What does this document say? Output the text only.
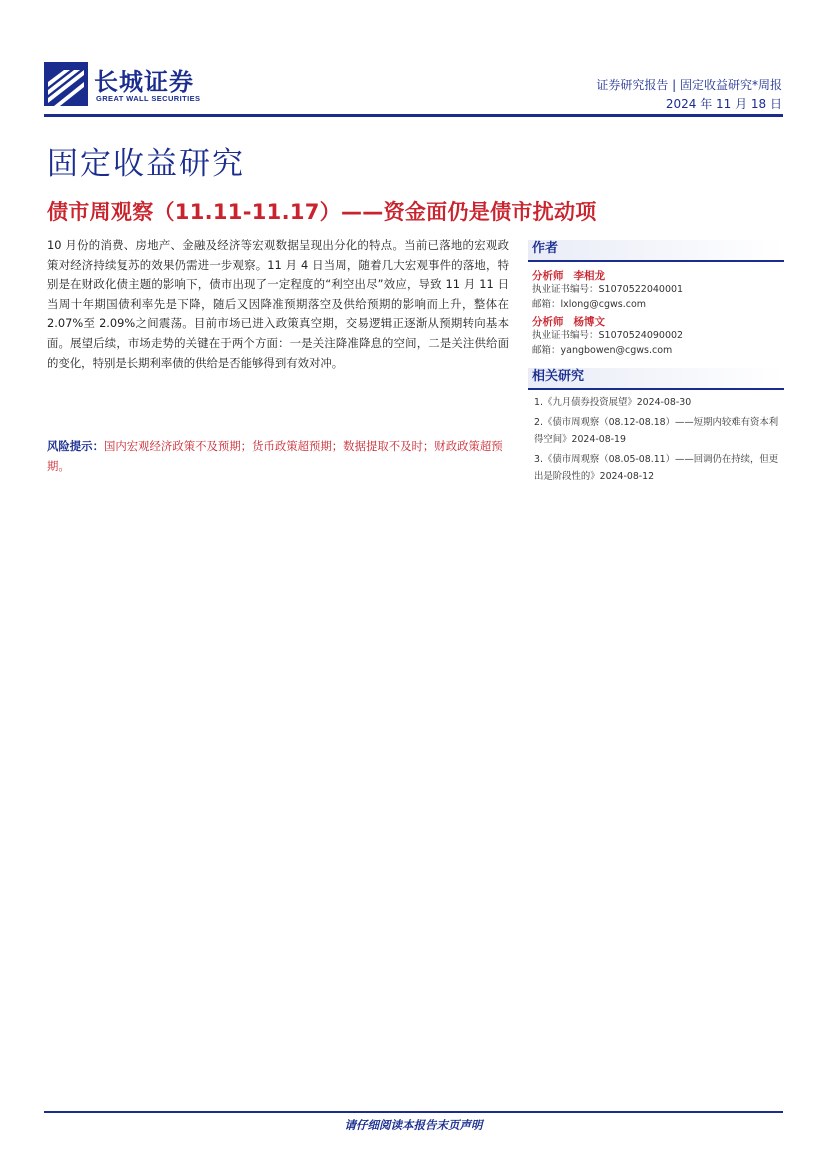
长城证券
GREAT WALL SECURITIES
证券研究报告 | 固定收益研究*周报
2024 年 11 月 18 日
固定收益研究
债市周观察（11.11-11.17）——资金面仍是债市扰动项
10 月份的消费、房地产、金融及经济等宏观数据呈现出分化的特点。当前已落地的宏观政策对经济持续复苏的效果仍需进一步观察。11 月 4 日当周，随着几大宏观事件的落地，特别是在财政化债主题的影响下，债市出现了一定程度的“利空出尽”效应，导致 11 月 11 日当周十年期国债利率先是下降，随后又因降准预期落空及供给预期的影响而上升，整体在 2.07%至 2.09%之间震荡。目前市场已进入政策真空期，交易逻辑正逐渐从预期转向基本面。展望后续，市场走势的关键在于两个方面：一是关注降准降息的空间，二是关注供给面的变化，特别是长期利率债的供给是否能够得到有效对冲。
风险提示：国内宏观经济政策不及预期；货币政策超预期；数据提取不及时；财政政策超预期。
作者
分析师 李相龙
执业证书编号：S1070522040001
邮箱：lxlong@cgws.com
分析师 杨博文
执业证书编号：S1070524090002
邮箱：yangbowen@cgws.com
相关研究
1.《九月债券投资展望》2024-08-30
2.《债市周观察（08.12-08.18）——短期内较难有资本利得空间》2024-08-19
3.《债市周观察（08.05-08.11）——回调仍在持续，但更出是阶段性的》2024-08-12
请仔细阅读本报告末页声明
